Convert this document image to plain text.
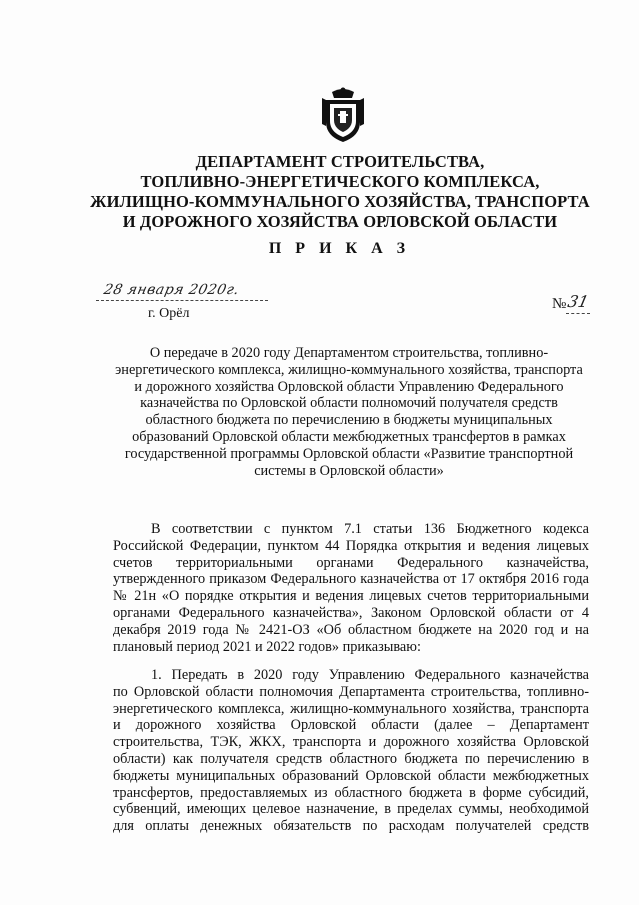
ДЕПАРТАМЕНТ СТРОИТЕЛЬСТВА,
ТОПЛИВНО-ЭНЕРГЕТИЧЕСКОГО КОМПЛЕКСА,
ЖИЛИЩНО-КОММУНАЛЬНОГО ХОЗЯЙСТВА, ТРАНСПОРТА
И ДОРОЖНОГО ХОЗЯЙСТВА ОРЛОВСКОЙ ОБЛАСТИ
П Р И К А З
28 января 2020г.
г. Орёл
№ 31
О передаче в 2020 году Департаментом строительства, топливно-
энергетического комплекса, жилищно-коммунального хозяйства, транспорта
и дорожного хозяйства Орловской области Управлению Федерального
казначейства по Орловской области полномочий получателя средств
областного бюджета по перечислению в бюджеты муниципальных
образований Орловской области межбюджетных трансфертов в рамках
государственной программы Орловской области «Развитие транспортной
системы в Орловской области»
В соответствии с пунктом 7.1 статьи 136 Бюджетного кодекса
Российской Федерации, пунктом 44 Порядка открытия и ведения лицевых
счетов территориальными органами Федерального казначейства,
утвержденного приказом Федерального казначейства от 17 октября 2016 года
№ 21н «О порядке открытия и ведения лицевых счетов территориальными
органами Федерального казначейства», Законом Орловской области от 4
декабря 2019 года № 2421-ОЗ «Об областном бюджете на 2020 год и на
плановый период 2021 и 2022 годов» приказываю:
1. Передать в 2020 году Управлению Федерального казначейства
по Орловской области полномочия Департамента строительства, топливно-
энергетического комплекса, жилищно-коммунального хозяйства, транспорта
и дорожного хозяйства Орловской области (далее – Департамент
строительства, ТЭК, ЖКХ, транспорта и дорожного хозяйства Орловской
области) как получателя средств областного бюджета по перечислению в
бюджеты муниципальных образований Орловской области межбюджетных
трансфертов, предоставляемых из областного бюджета в форме субсидий,
субвенций, имеющих целевое назначение, в пределах суммы, необходимой
для оплаты денежных обязательств по расходам получателей средств
